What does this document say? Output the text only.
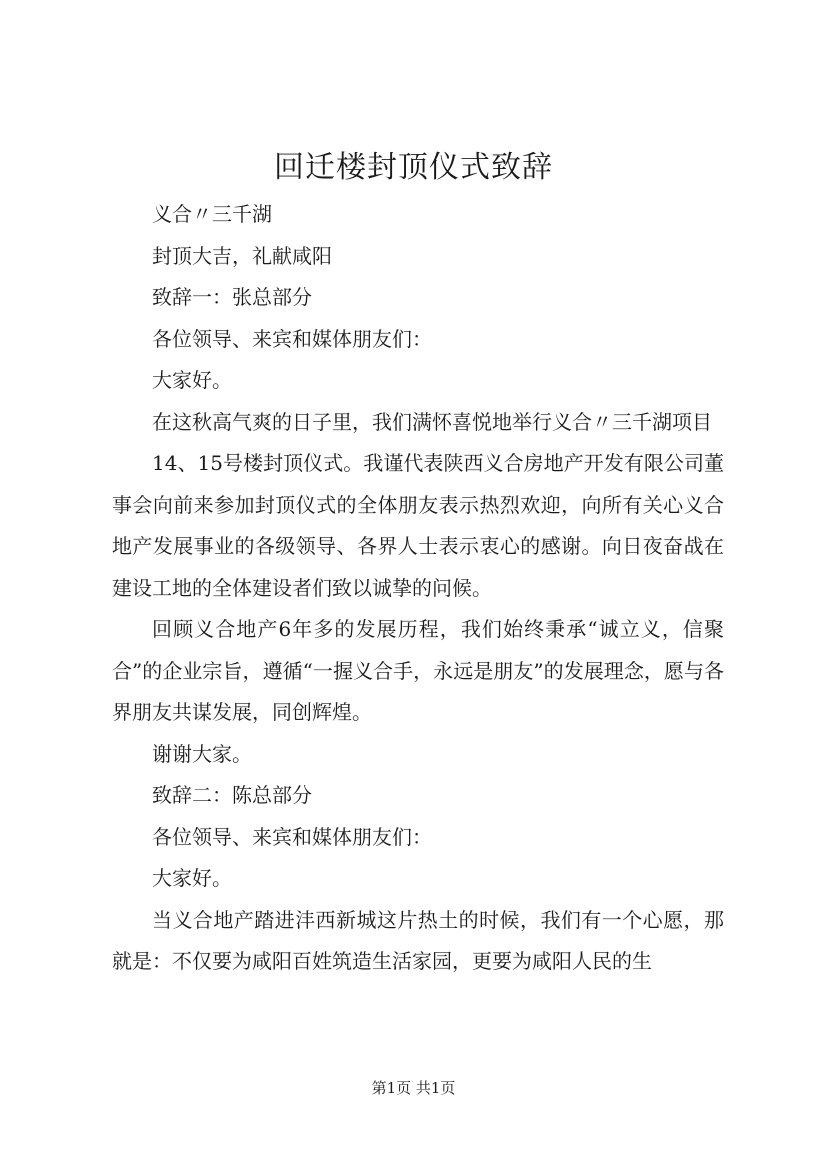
回迁楼封顶仪式致辞

义合〃三千湖

封顶大吉，礼献咸阳

致辞一：张总部分

各位领导、来宾和媒体朋友们：

大家好。

在这秋高气爽的日子里，我们满怀喜悦地举行义合〃三千湖项目

14、15号楼封顶仪式。我谨代表陕西义合房地产开发有限公司董事会向前来参加封顶仪式的全体朋友表示热烈欢迎，向所有关心义合地产发展事业的各级领导、各界人士表示衷心的感谢。向日夜奋战在建设工地的全体建设者们致以诚挚的问候。

回顾义合地产6年多的发展历程，我们始终秉承“诚立义，信聚合”的企业宗旨，遵循“一握义合手，永远是朋友”的发展理念，愿与各界朋友共谋发展，同创辉煌。

谢谢大家。

致辞二：陈总部分

各位领导、来宾和媒体朋友们：

大家好。

当义合地产踏进沣西新城这片热土的时候，我们有一个心愿，那就是：不仅要为咸阳百姓筑造生活家园，更要为咸阳人民的生

第1页 共1页
